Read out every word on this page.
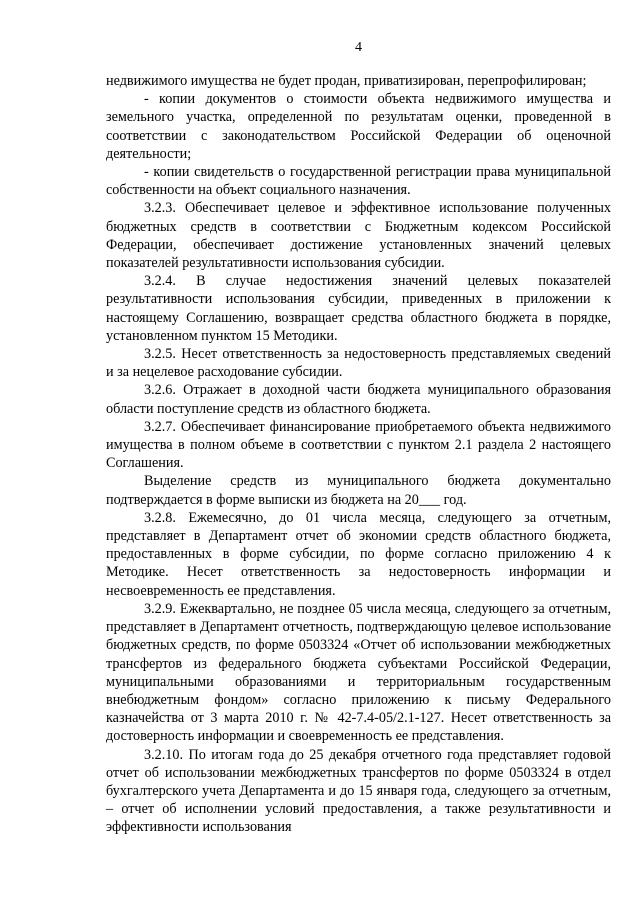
4

недвижимого имущества не будет продан, приватизирован, перепрофилирован;

- копии документов о стоимости объекта недвижимого имущества и земельного участка, определенной по результатам оценки, проведенной в соответствии с законодательством Российской Федерации об оценочной деятельности;

- копии свидетельств о государственной регистрации права муниципальной собственности на объект социального назначения.

3.2.3. Обеспечивает целевое и эффективное использование полученных бюджетных средств в соответствии с Бюджетным кодексом Российской Федерации, обеспечивает достижение установленных значений целевых показателей результативности использования субсидии.

3.2.4. В случае недостижения значений целевых показателей результативности использования субсидии, приведенных в приложении к настоящему Соглашению, возвращает средства областного бюджета в порядке, установленном пунктом 15 Методики.

3.2.5. Несет ответственность за недостоверность представляемых сведений и за нецелевое расходование субсидии.

3.2.6. Отражает в доходной части бюджета муниципального образования области поступление средств из областного бюджета.

3.2.7. Обеспечивает финансирование приобретаемого объекта недвижимого имущества в полном объеме в соответствии с пунктом 2.1 раздела 2 настоящего Соглашения.

Выделение средств из муниципального бюджета документально подтверждается в форме выписки из бюджета на 20___ год.

3.2.8. Ежемесячно, до 01 числа месяца, следующего за отчетным, представляет в Департамент отчет об экономии средств областного бюджета, предоставленных в форме субсидии, по форме согласно приложению 4 к Методике. Несет ответственность за недостоверность информации и несвоевременность ее представления.

3.2.9. Ежеквартально, не позднее 05 числа месяца, следующего за отчетным, представляет в Департамент отчетность, подтверждающую целевое использование бюджетных средств, по форме 0503324 «Отчет об использовании межбюджетных трансфертов из федерального бюджета субъектами Российской Федерации, муниципальными образованиями и территориальным государственным внебюджетным фондом» согласно приложению к письму Федерального казначейства от 3 марта 2010 г. № 42-7.4-05/2.1-127. Несет ответственность за достоверность информации и своевременность ее представления.

3.2.10. По итогам года до 25 декабря отчетного года представляет годовой отчет об использовании межбюджетных трансфертов по форме 0503324 в отдел бухгалтерского учета Департамента и до 15 января года, следующего за отчетным, – отчет об исполнении условий предоставления, а также результативности и эффективности использования
